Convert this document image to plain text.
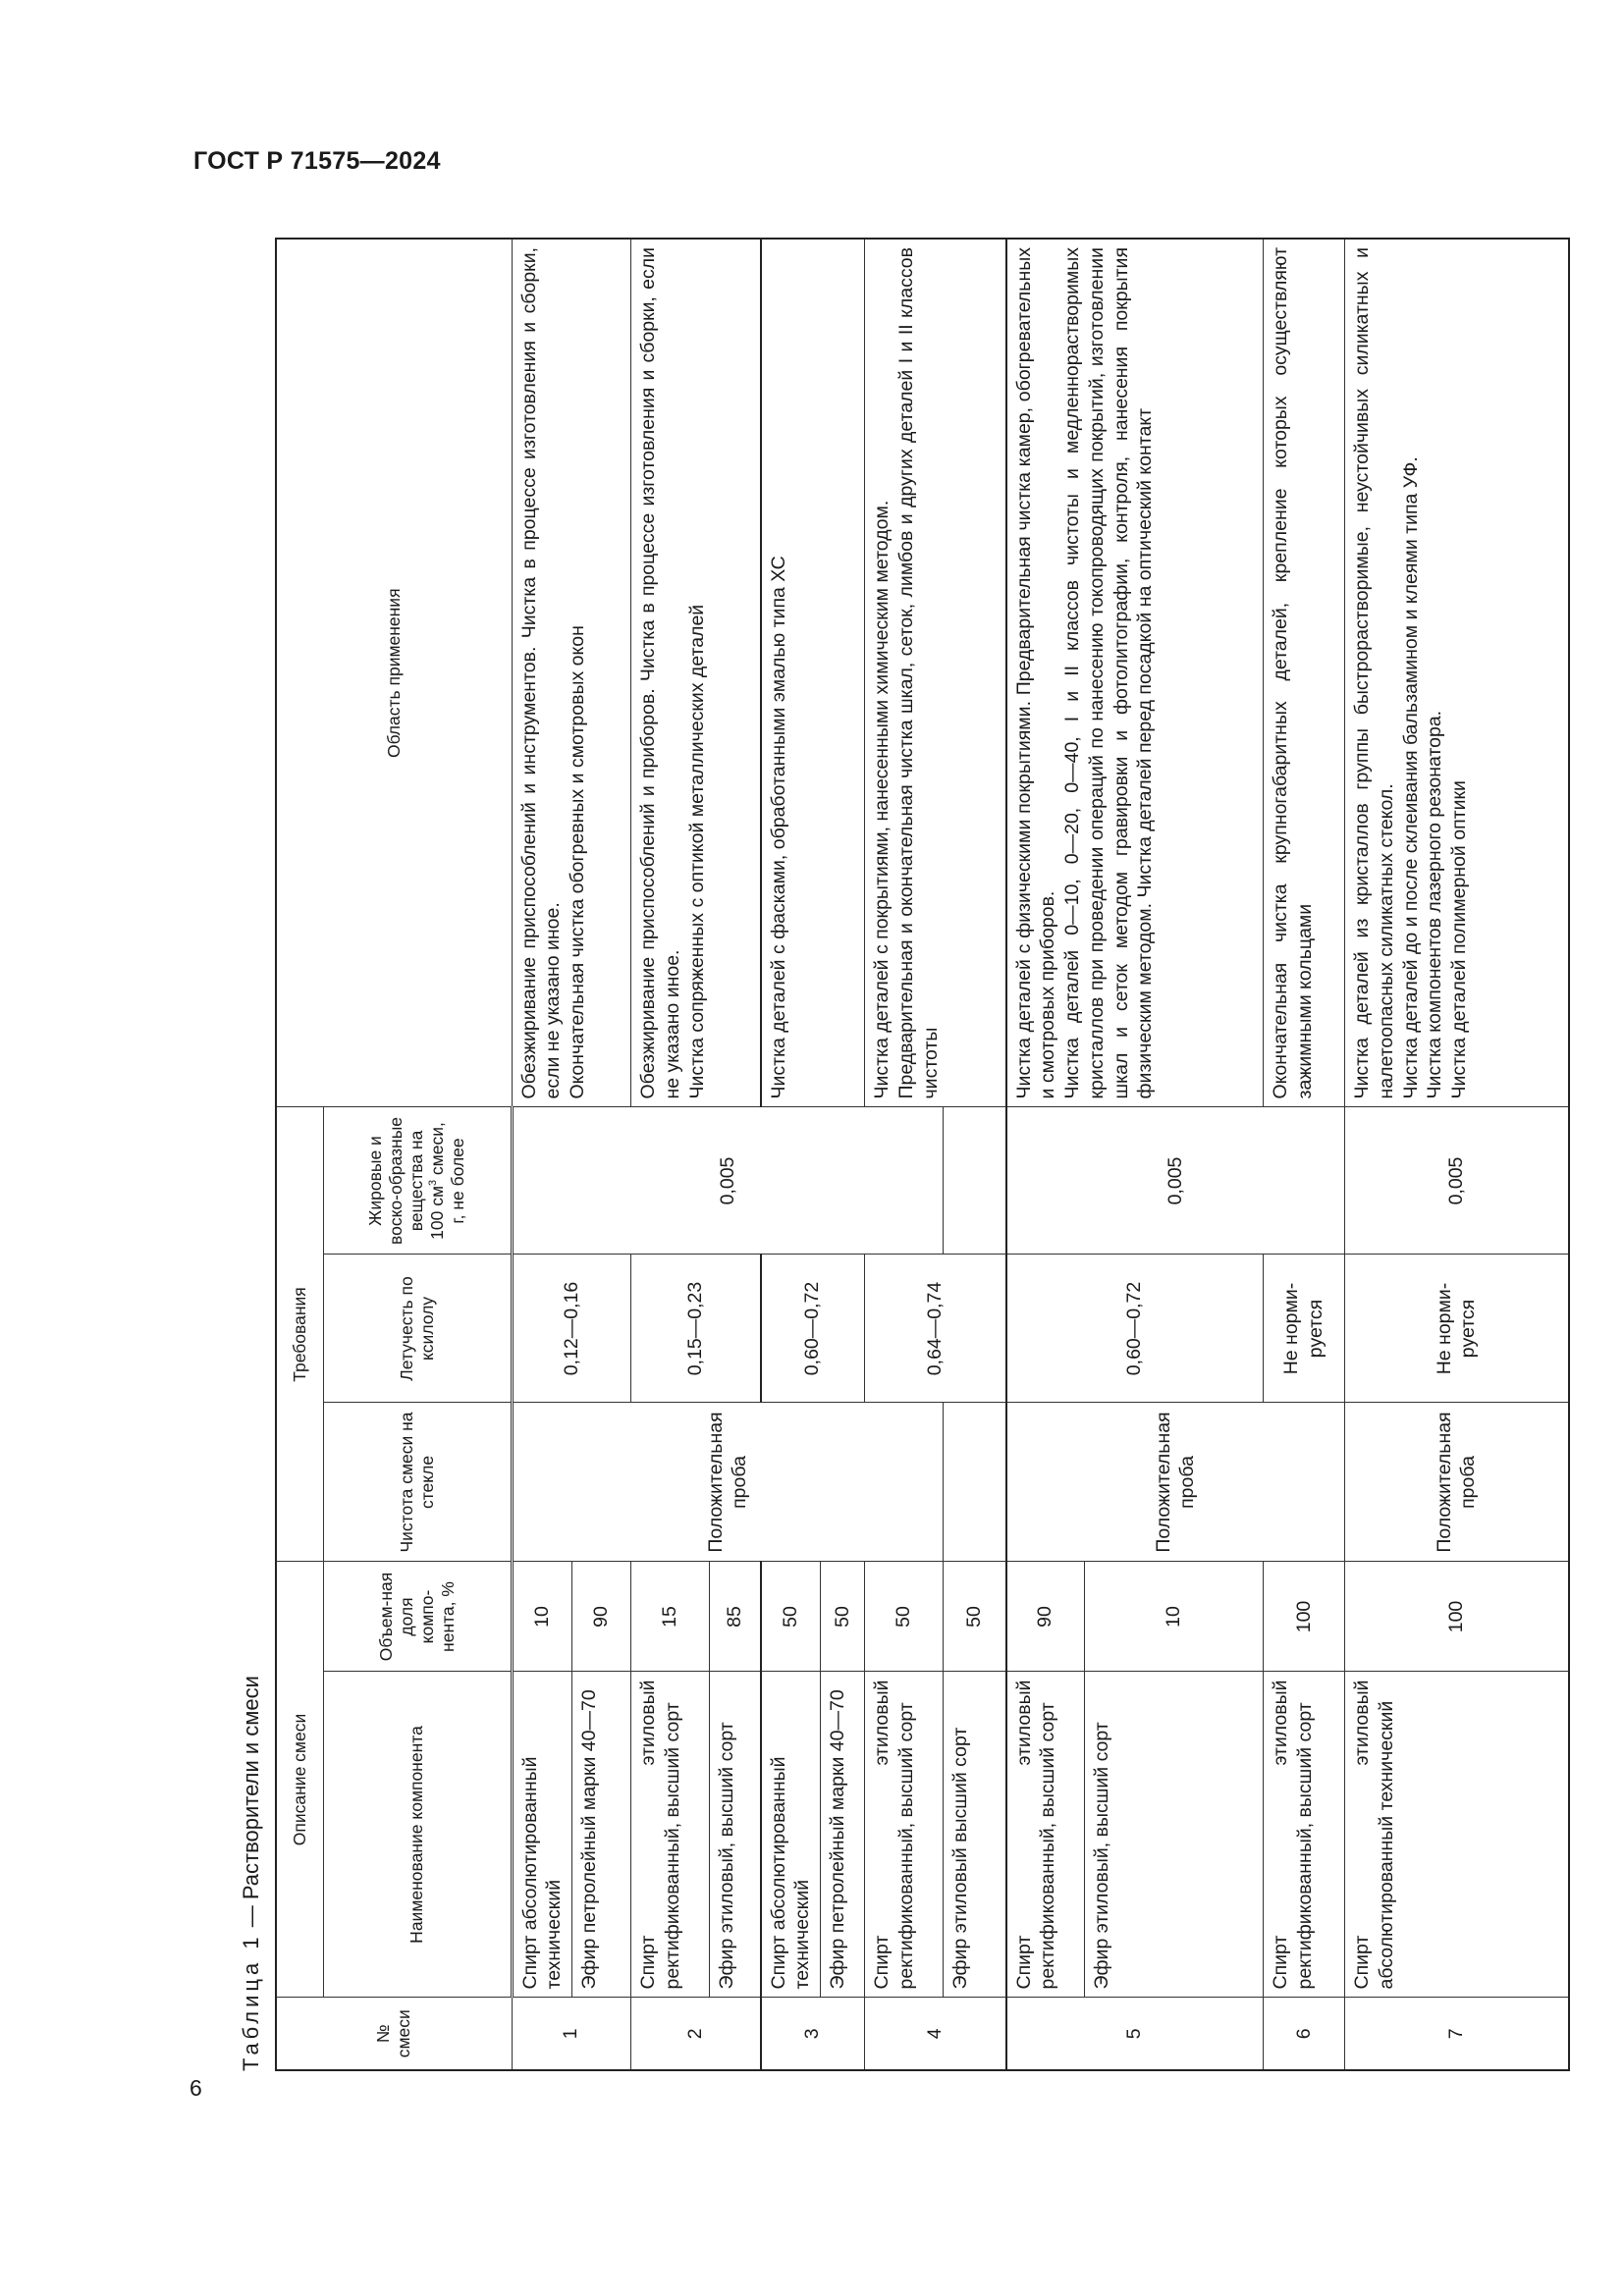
ГОСТ Р 71575—2024
6
Таблица 1 — Растворители и смеси
№ смеси	Описание смеси		Требования			Область применения
	Наименование компонента	Объем-ная доля компо-нента, %	Чистота смеси на стекле	Летучесть по ксилолу	Жировые и воско-образные вещества на 100 $см^3$ смеси, г, не более	
1	Спирт абсолютированный технический	10	Положительная проба	0,12—0,16	0,005	Обезжиривание приспособлений и инструментов. Чистка в процессе изготовления и сборки, если не указано иное. Окончательная чистка обогревных и смотровых окон

	Эфир петролейный марки 40—70	90				
2	Спирт этиловый ректификованный, высший сорт	15		0,15—0,23		Обезжиривание приспособлений и приборов. Чистка в процессе изготовления и сборки, если не указано иное. Чистка сопряженных с оптикой металлических деталей

	Эфир этиловый, высший сорт	85				
3	Спирт абсолютированный технический	50		0,60—0,72		Чистка деталей с фасками, обработанными эмалью типа ХС

	Эфир петролейный марки 40—70	50				
4	Спирт этиловый ректификованный, высший сорт	50		0,64—0,74		Чистка деталей с покрытиями, нанесенными химическим методом. Предварительная и окончательная чистка шкал, сеток, лимбов и других деталей I и II классов чистоты

	Эфир этиловый высший сорт	50				
5	Спирт этиловый ректификованный, высший сорт	90	Положительная проба	0,60—0,72	0,005	Чистка деталей с физическими покрытиями. Предварительная чистка камер, обогревательных и смотровых приборов. Чистка деталей 0—10, 0—20, 0—40, I и II классов чистоты и медленнорастворимых кристаллов при проведении операций по нанесению токопроводящих покрытий, изготовлении шкал и сеток методом гравировки и фотолитографии, контроля, нанесения покрытия физическим методом. Чистка деталей перед посадкой на оптический контакт

	Эфир этиловый, высший сорт	10				
6	Спирт этиловый ректификованный, высший сорт	100		Не норми-руется		Окончательная чистка крупногабаритных деталей, крепление которых осуществляют зажимными кольцами

7	Спирт этиловый абсолютированный технический	100	Положительная проба	Не норми-руется	0,005	Чистка деталей из кристаллов группы быстрорастворимые, неустойчивых силикатных и налетоопасных силикатных стекол. Чистка деталей до и после склеивания бальзамином и клеями типа УФ. Чистка компонентов лазерного резонатора. Чистка деталей полимерной оптики
